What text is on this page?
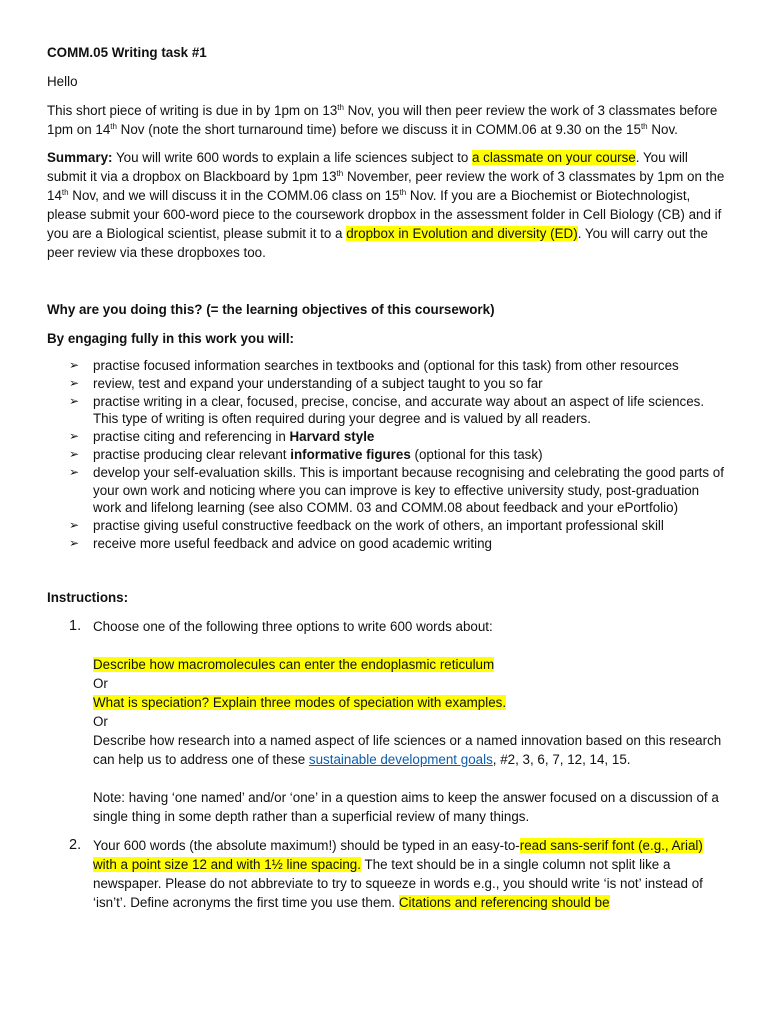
COMM.05 Writing task #1

Hello

This short piece of writing is due in by 1pm on 13th Nov, you will then peer review the work of 3 classmates before 1pm on 14th Nov (note the short turnaround time) before we discuss it in COMM.06 at 9.30 on the 15th Nov.

Summary: You will write 600 words to explain a life sciences subject to a classmate on your course. You will submit it via a dropbox on Blackboard by 1pm 13th November, peer review the work of 3 classmates by 1pm on the 14th Nov, and we will discuss it in the COMM.06 class on 15th Nov. If you are a Biochemist or Biotechnologist, please submit your 600-word piece to the coursework dropbox in the assessment folder in Cell Biology (CB) and if you are a Biological scientist, please submit it to a dropbox in Evolution and diversity (ED). You will carry out the peer review via these dropboxes too.

Why are you doing this? (= the learning objectives of this coursework)

By engaging fully in this work you will:

➢ practise focused information searches in textbooks and (optional for this task) from other resources
➢ review, test and expand your understanding of a subject taught to you so far
➢ practise writing in a clear, focused, precise, concise, and accurate way about an aspect of life sciences. This type of writing is often required during your degree and is valued by all readers.
➢ practise citing and referencing in Harvard style
➢ practise producing clear relevant informative figures (optional for this task)
➢ develop your self-evaluation skills. This is important because recognising and celebrating the good parts of your own work and noticing where you can improve is key to effective university study, post-graduation work and lifelong learning (see also COMM. 03 and COMM.08 about feedback and your ePortfolio)
➢ practise giving useful constructive feedback on the work of others, an important professional skill
➢ receive more useful feedback and advice on good academic writing

Instructions:

1. Choose one of the following three options to write 600 words about:

Describe how macromolecules can enter the endoplasmic reticulum

Or

What is speciation? Explain three modes of speciation with examples.

Or

Describe how research into a named aspect of life sciences or a named innovation based on this research can help us to address one of these sustainable development goals, #2, 3, 6, 7, 12, 14, 15.

Note: having ‘one named’ and/or ‘one’ in a question aims to keep the answer focused on a discussion of a single thing in some depth rather than a superficial review of many things.

2. Your 600 words (the absolute maximum!) should be typed in an easy-to-read sans-serif font (e.g., Arial) with a point size 12 and with 1½ line spacing. The text should be in a single column not split like a newspaper. Please do not abbreviate to try to squeeze in words e.g., you should write ‘is not’ instead of ‘isn’t’. Define acronyms the first time you use them. Citations and referencing should be
